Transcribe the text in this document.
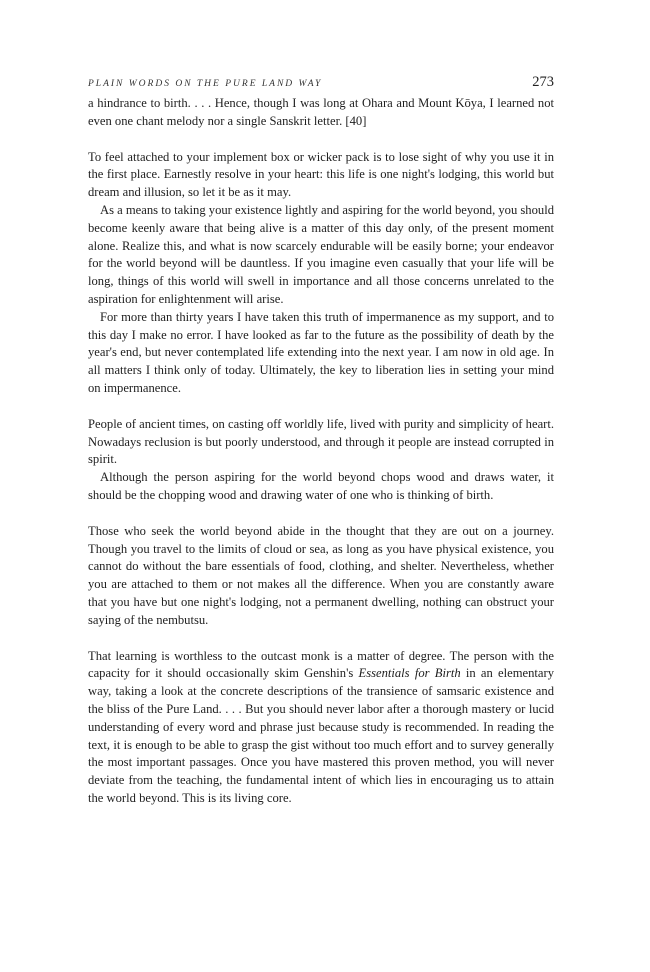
PLAIN WORDS ON THE PURE LAND WAY	273

a hindrance to birth. . . . Hence, though I was long at Ohara and Mount Kōya, I learned not even one chant melody nor a single Sanskrit letter. [40]

To feel attached to your implement box or wicker pack is to lose sight of why you use it in the first place. Earnestly resolve in your heart: this life is one night's lodging, this world but dream and illusion, so let it be as it may.

As a means to taking your existence lightly and aspiring for the world beyond, you should become keenly aware that being alive is a matter of this day only, of the present moment alone. Realize this, and what is now scarcely endurable will be easily borne; your endeavor for the world beyond will be dauntless. If you imagine even casually that your life will be long, things of this world will swell in importance and all those concerns unrelated to the aspiration for enlightenment will arise.

For more than thirty years I have taken this truth of impermanence as my support, and to this day I make no error. I have looked as far to the future as the possibility of death by the year's end, but never contemplated life extending into the next year. I am now in old age. In all matters I think only of today. Ultimately, the key to liberation lies in setting your mind on impermanence.

People of ancient times, on casting off worldly life, lived with purity and simplicity of heart. Nowadays reclusion is but poorly understood, and through it people are instead corrupted in spirit.

Although the person aspiring for the world beyond chops wood and draws water, it should be the chopping wood and drawing water of one who is thinking of birth.

Those who seek the world beyond abide in the thought that they are out on a journey. Though you travel to the limits of cloud or sea, as long as you have physical existence, you cannot do without the bare essentials of food, clothing, and shelter. Nevertheless, whether you are attached to them or not makes all the difference. When you are constantly aware that you have but one night's lodging, not a permanent dwelling, nothing can obstruct your saying of the nembutsu.

That learning is worthless to the outcast monk is a matter of degree. The person with the capacity for it should occasionally skim Genshin's Essentials for Birth in an elementary way, taking a look at the concrete descriptions of the transience of samsaric existence and the bliss of the Pure Land. . . . But you should never labor after a thorough mastery or lucid understanding of every word and phrase just because study is recommended. In reading the text, it is enough to be able to grasp the gist without too much effort and to survey generally the most important passages. Once you have mastered this proven method, you will never deviate from the teaching, the fundamental intent of which lies in encouraging us to attain the world beyond. This is its living core.
